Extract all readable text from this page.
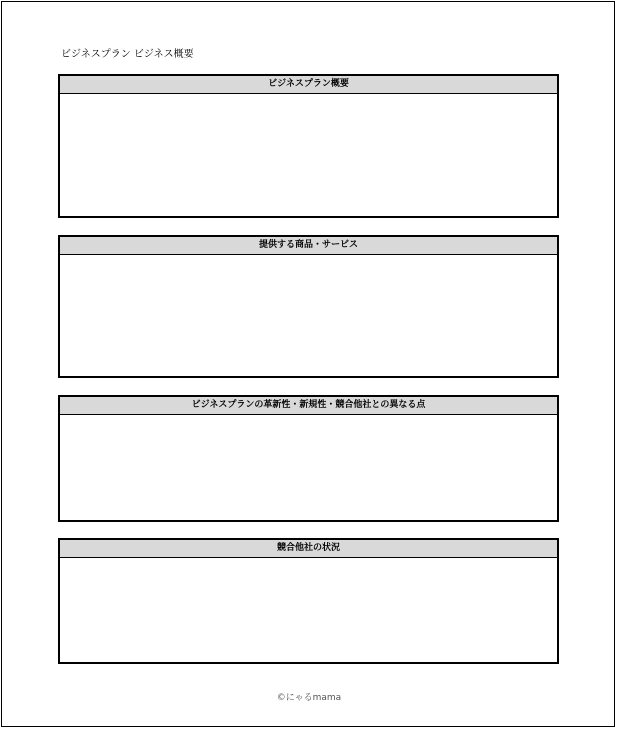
ビジネスプラン ビジネス概要
ビジネスプラン概要
提供する商品・サービス
ビジネスプランの革新性・新規性・競合他社との異なる点
競合他社の状況
©にゃるmama
